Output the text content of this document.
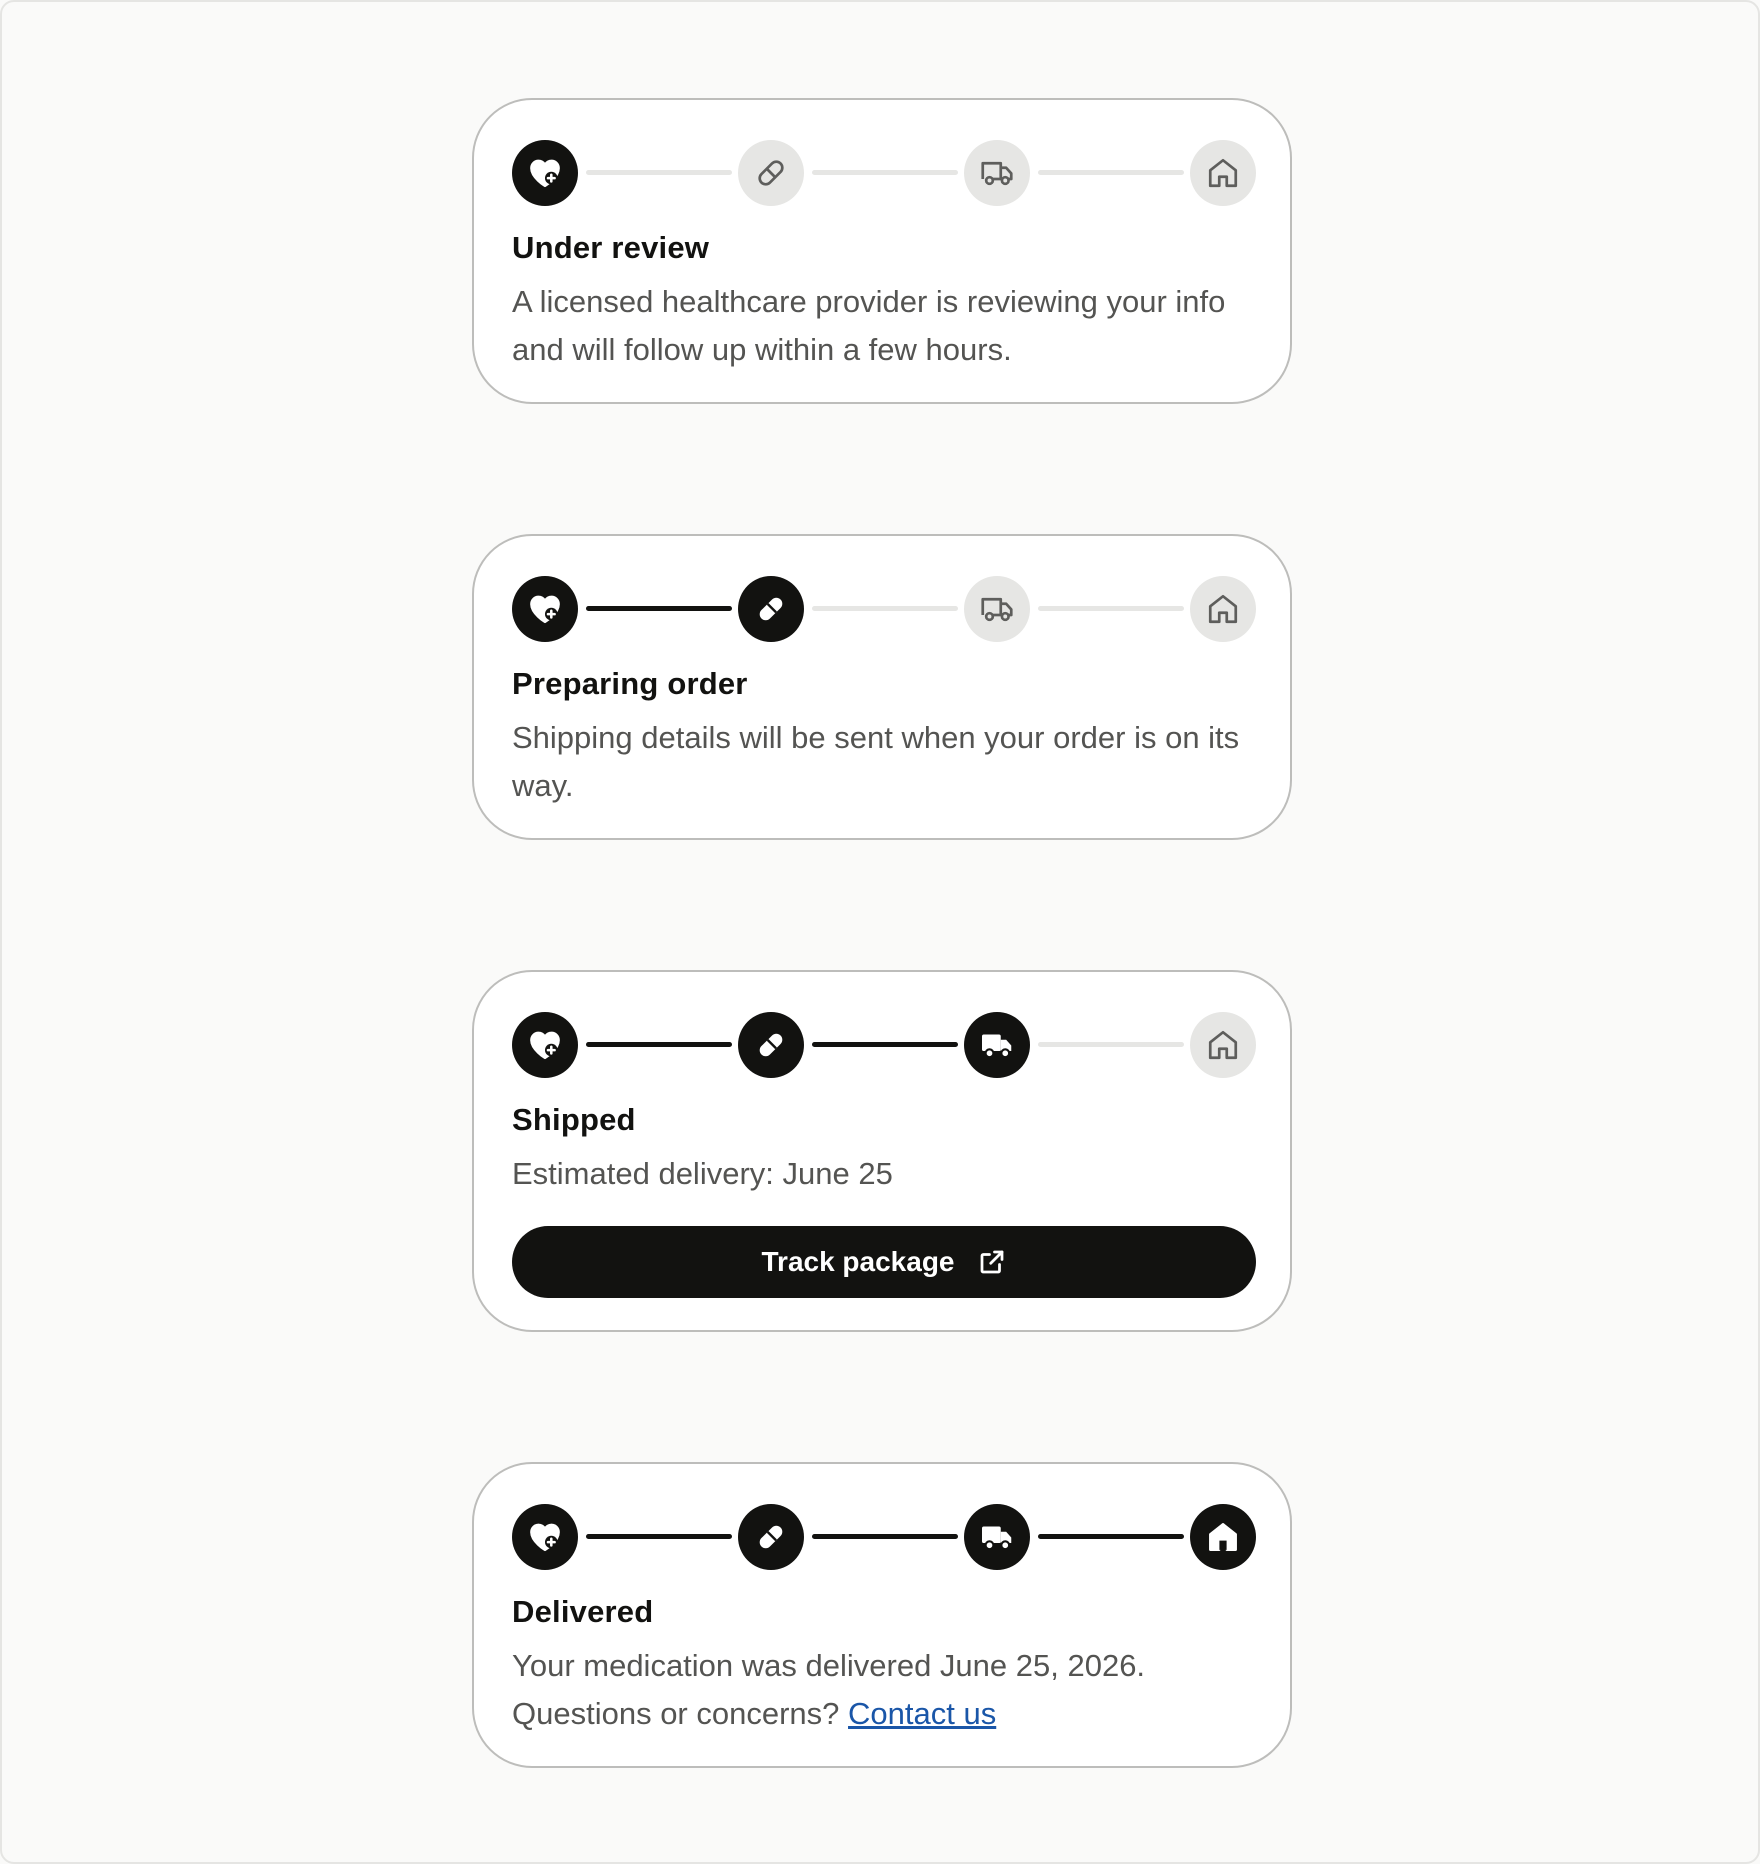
Under review
A licensed healthcare provider is reviewing your info and will follow up within a few hours.
Preparing order
Shipping details will be sent when your order is on its way.
Shipped
Estimated delivery: June 25
Track package
Delivered
Your medication was delivered June 25, 2026.
Questions or concerns? Contact us
